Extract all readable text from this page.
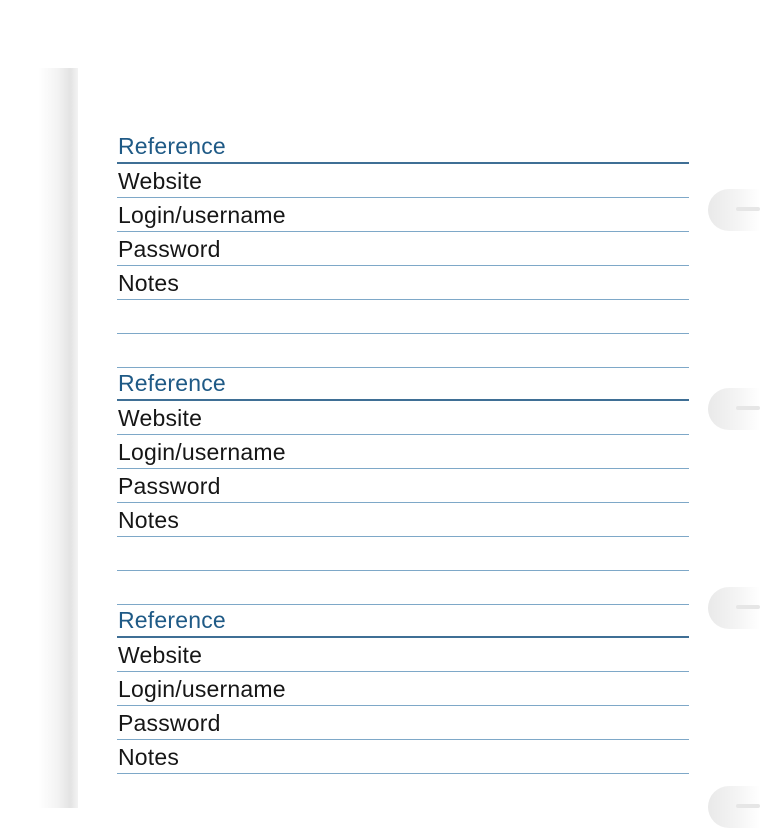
Reference
Website
Login/username
Password
Notes
Reference
Website
Login/username
Password
Notes
Reference
Website
Login/username
Password
Notes
